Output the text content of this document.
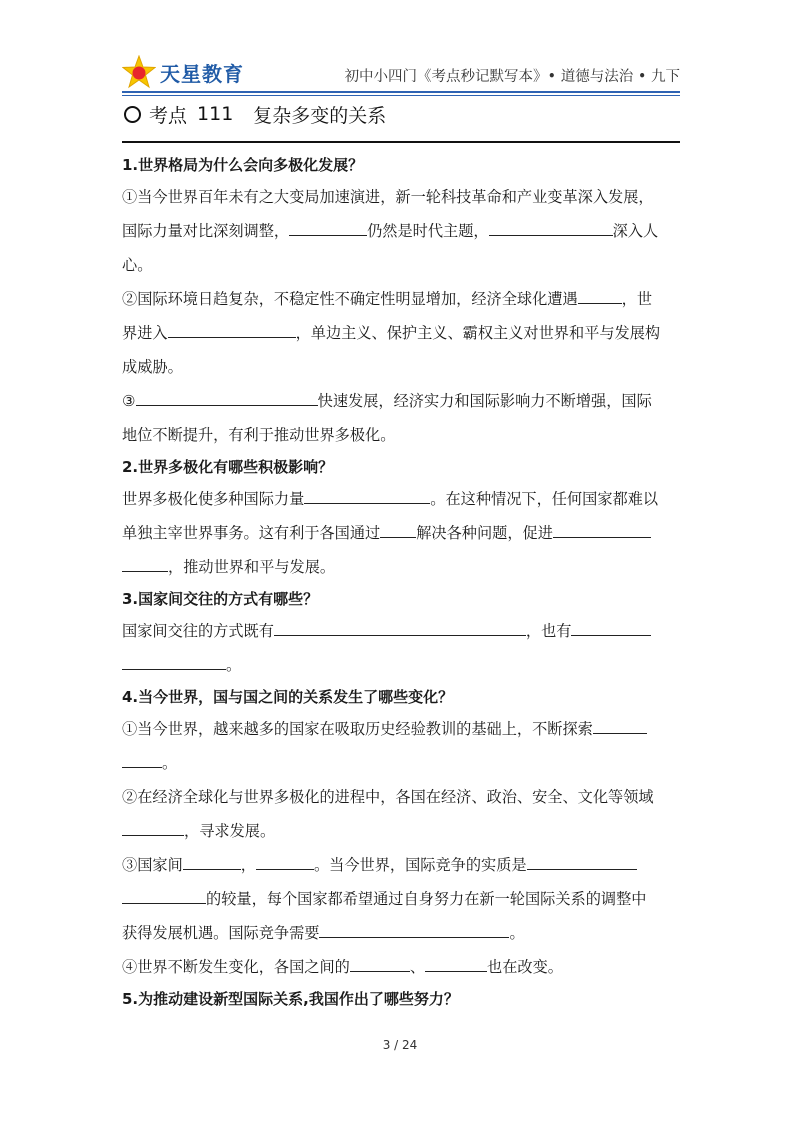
天星教育	初中小四门《考点秒记默写本》• 道德与法治 • 九下
考点 111 复杂多变的关系

1.世界格局为什么会向多极化发展？

①当今世界百年未有之大变局加速演进，新一轮科技革命和产业变革深入发展，

国际力量对比深刻调整，	仍然是时代主题，	深入人

心。

②国际环境日趋复杂，不稳定性不确定性明显增加，经济全球化遭遇	，世

界进入	，单边主义、保护主义、霸权主义对世界和平与发展构

成威胁。

③	快速发展，经济实力和国际影响力不断增强，国际

地位不断提升，有利于推动世界多极化。

2.世界多极化有哪些积极影响？

世界多极化使多种国际力量	。在这种情况下，任何国家都难以

单独主宰世界事务。这有利于各国通过 解决各种问题，促进

，推动世界和平与发展。

3.国家间交往的方式有哪些？

国家间交往的方式既有	，也有

。

4.当今世界，国与国之间的关系发生了哪些变化？

①当今世界，越来越多的国家在吸取历史经验教训的基础上，不断探索

。

②在经济全球化与世界多极化的进程中，各国在经济、政治、安全、文化等领域

，寻求发展。

③国家间	，	。当今世界，国际竞争的实质是

的较量，每个国家都希望通过自身努力在新一轮国际关系的调整中

获得发展机遇。国际竞争需要	。

④世界不断发生变化，各国之间的	、	也在改变。

5.为推动建设新型国际关系,我国作出了哪些努力？

3 / 24
